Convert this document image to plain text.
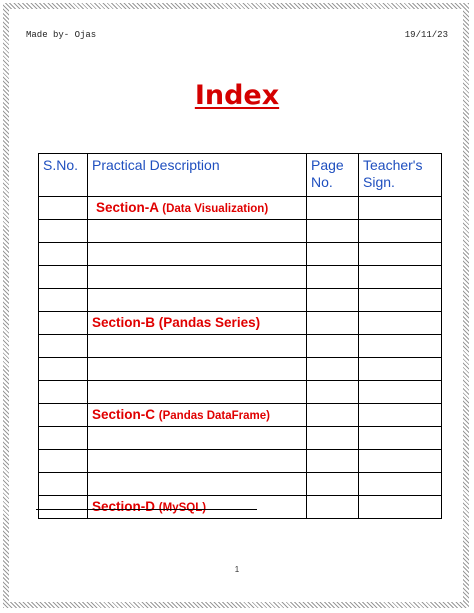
Made by- Ojas	19/11/23
Index
S.No.	Practical Description	Page No.	Teacher's Sign.
	Section-A (Data Visualization)		

	Section-B (Pandas Series)		

	Section-C (Pandas DataFrame)		

	Section-D (MySQL)		
1
